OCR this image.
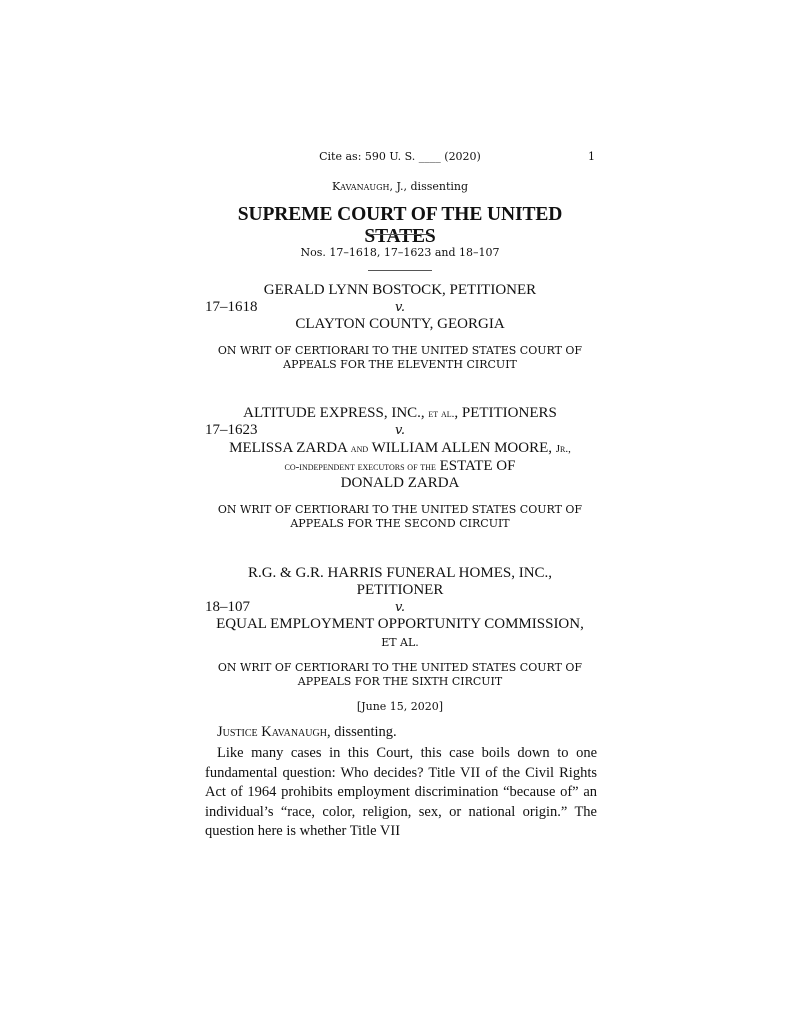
Cite as: 590 U. S. ____ (2020)	1
Kavanaugh, J., dissenting
SUPREME COURT OF THE UNITED STATES
Nos. 17–1618, 17–1623 and 18–107
GERALD LYNN BOSTOCK, PETITIONER
17–1618	v.
CLAYTON COUNTY, GEORGIA
ON WRIT OF CERTIORARI TO THE UNITED STATES COURT OF
APPEALS FOR THE ELEVENTH CIRCUIT
ALTITUDE EXPRESS, INC., et al., PETITIONERS
17–1623	v.
MELISSA ZARDA and WILLIAM ALLEN MOORE, Jr.,
co-independent executors of the ESTATE OF
DONALD ZARDA
ON WRIT OF CERTIORARI TO THE UNITED STATES COURT OF
APPEALS FOR THE SECOND CIRCUIT
R.G. & G.R. HARRIS FUNERAL HOMES, INC.,
PETITIONER
18–107	v.
EQUAL EMPLOYMENT OPPORTUNITY COMMISSION,
ET AL.
ON WRIT OF CERTIORARI TO THE UNITED STATES COURT OF
APPEALS FOR THE SIXTH CIRCUIT
[June 15, 2020]
Justice Kavanaugh, dissenting.
Like many cases in this Court, this case boils down to one fundamental question: Who decides? Title VII of the Civil Rights Act of 1964 prohibits employment discrimination “because of” an individual’s “race, color, religion, sex, or national origin.” The question here is whether Title VII
